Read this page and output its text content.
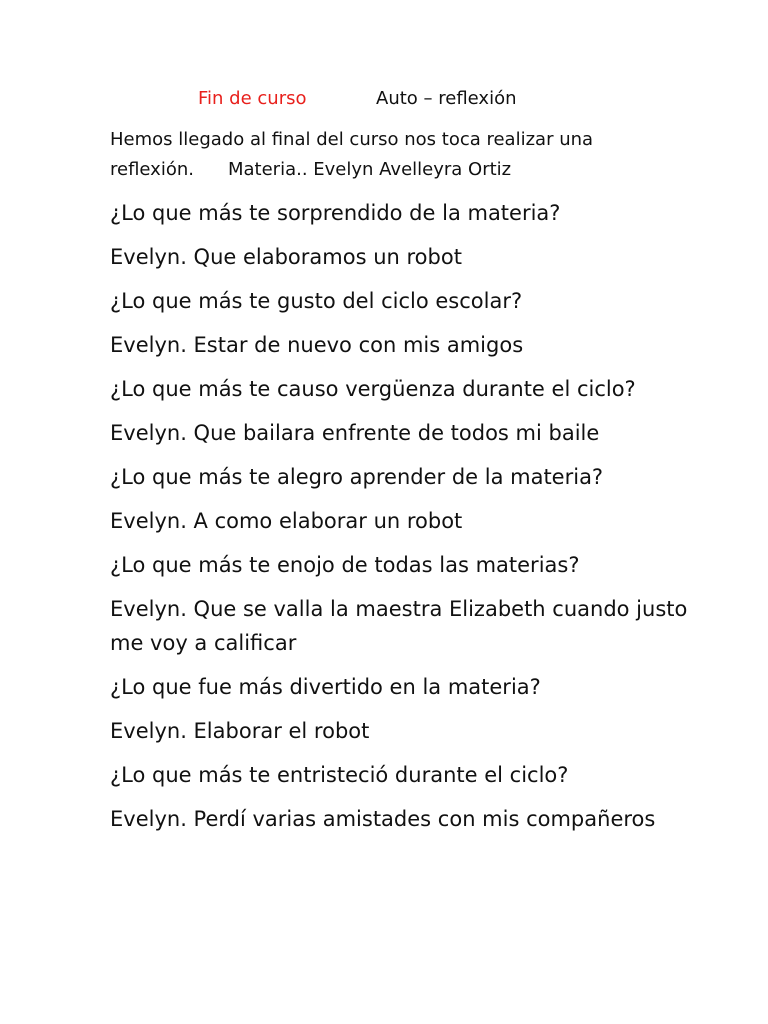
Fin de curso	Auto – reflexión
Hemos llegado al final del curso nos toca realizar una
reflexión. Materia.. Evelyn Avelleyra Ortiz

¿Lo que más te sorprendido de la materia?

Evelyn. Que elaboramos un robot

¿Lo que más te gusto del ciclo escolar?

Evelyn. Estar de nuevo con mis amigos

¿Lo que más te causo vergüenza durante el ciclo?

Evelyn. Que bailara enfrente de todos mi baile

¿Lo que más te alegro aprender de la materia?

Evelyn. A como elaborar un robot

¿Lo que más te enojo de todas las materias?

Evelyn. Que se valla la maestra Elizabeth cuando justo me voy a calificar

¿Lo que fue más divertido en la materia?

Evelyn. Elaborar el robot

¿Lo que más te entristeció durante el ciclo?

Evelyn. Perdí varias amistades con mis compañeros
